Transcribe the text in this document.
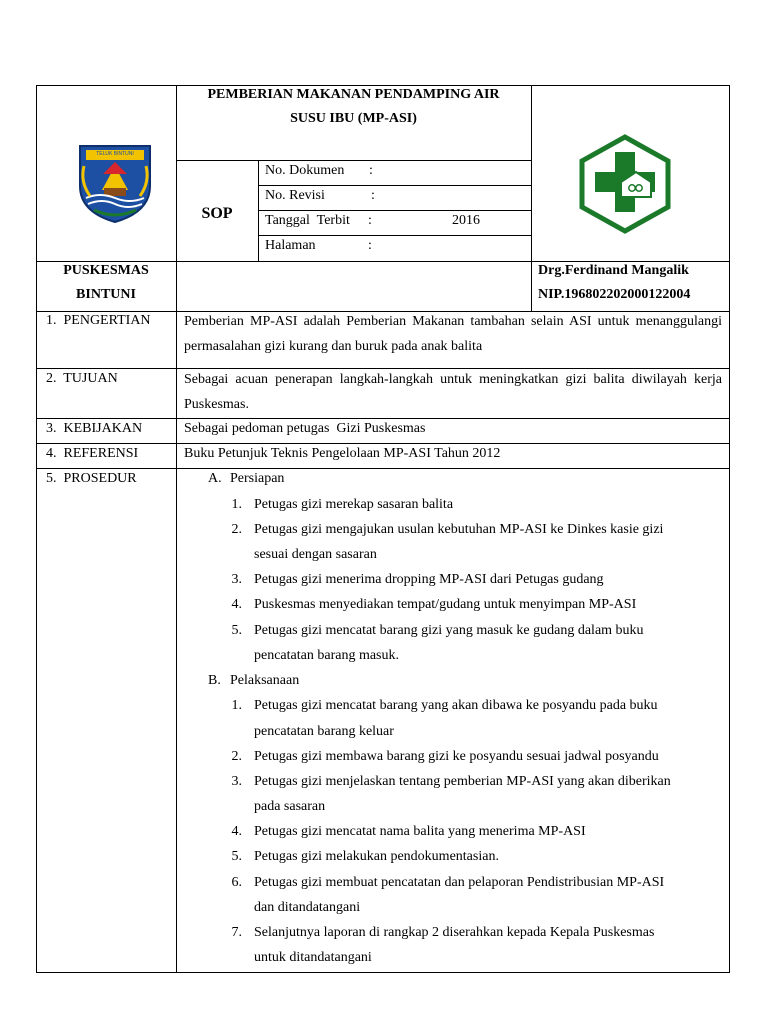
TELUK BINTUNI
PEMBERIAN MAKANAN PENDAMPING AIR
SUSU IBU (MP-ASI)
SOP
No. Dokumen :
No. Revisi	:
Tanggal  Terbit :	2016
Halaman	:
PUSKESMAS
BINTUNI
Drg.Ferdinand Mangalik
NIP.196802202000122004
1.  PENGERTIAN Pemberian MP-ASI adalah Pemberian Makanan tambahan selain ASI untuk menanggulangi permasalahan gizi kurang dan buruk pada anak balita
2.  TUJUAN	Sebagai acuan penerapan langkah-langkah untuk meningkatkan gizi balita diwilayah kerja Puskesmas.
3.  KEBIJAKAN	Sebagai pedoman petugas  Gizi Puskesmas
4.  REFERENSI	Buku Petunjuk Teknis Pengelolaan MP-ASI Tahun 2012
5.  PROSEDUR	A. Persiapan
1. Petugas gizi merekap sasaran balita
2. Petugas gizi mengajukan usulan kebutuhan MP-ASI ke Dinkes kasie gizi
sesuai dengan sasaran
3. Petugas gizi menerima dropping MP-ASI dari Petugas gudang
4. Puskesmas menyediakan tempat/gudang untuk menyimpan MP-ASI
5. Petugas gizi mencatat barang gizi yang masuk ke gudang dalam buku
pencatatan barang masuk.
B. Pelaksanaan
1. Petugas gizi mencatat barang yang akan dibawa ke posyandu pada buku
pencatatan barang keluar
2. Petugas gizi membawa barang gizi ke posyandu sesuai jadwal posyandu
3. Petugas gizi menjelaskan tentang pemberian MP-ASI yang akan diberikan
pada sasaran
4. Petugas gizi mencatat nama balita yang menerima MP-ASI
5. Petugas gizi melakukan pendokumentasian.
6. Petugas gizi membuat pencatatan dan pelaporan Pendistribusian MP-ASI
dan ditandatangani
7. Selanjutnya laporan di rangkap 2 diserahkan kepada Kepala Puskesmas
untuk ditandatangani
